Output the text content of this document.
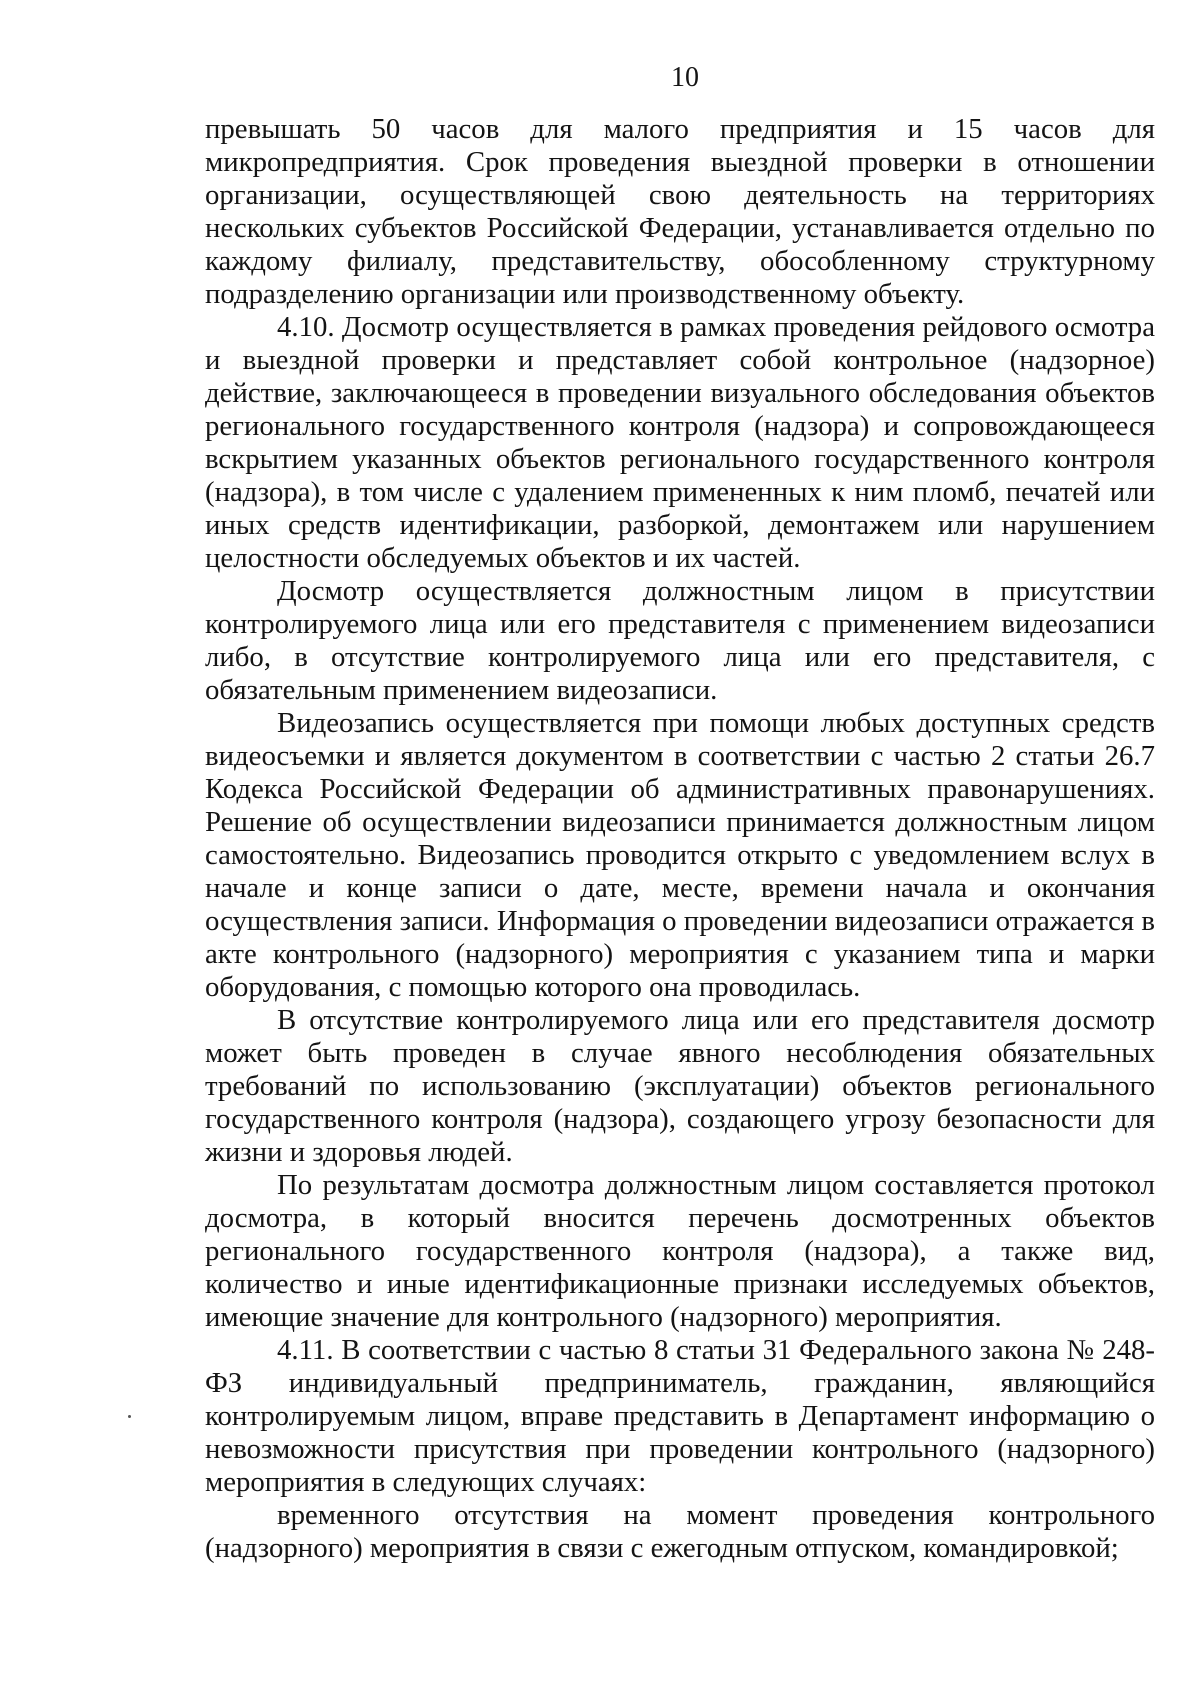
10

превышать 50 часов для малого предприятия и 15 часов для микропредприятия. Срок проведения выездной проверки в отношении организации, осуществляющей свою деятельность на территориях нескольких субъектов Российской Федерации, устанавливается отдельно по каждому филиалу, представительству, обособленному структурному подразделению организации или производственному объекту.

4.10. Досмотр осуществляется в рамках проведения рейдового осмотра и выездной проверки и представляет собой контрольное (надзорное) действие, заключающееся в проведении визуального обследования объектов регионального государственного контроля (надзора) и сопровождающееся вскрытием указанных объектов регионального государственного контроля (надзора), в том числе с удалением примененных к ним пломб, печатей или иных средств идентификации, разборкой, демонтажем или нарушением целостности обследуемых объектов и их частей.

Досмотр осуществляется должностным лицом в присутствии контролируемого лица или его представителя с применением видеозаписи либо, в отсутствие контролируемого лица или его представителя, с обязательным применением видеозаписи.

Видеозапись осуществляется при помощи любых доступных средств видеосъемки и является документом в соответствии с частью 2 статьи 26.7 Кодекса Российской Федерации об административных правонарушениях. Решение об осуществлении видеозаписи принимается должностным лицом самостоятельно. Видеозапись проводится открыто с уведомлением вслух в начале и конце записи о дате, месте, времени начала и окончания осуществления записи. Информация о проведении видеозаписи отражается в акте контрольного (надзорного) мероприятия с указанием типа и марки оборудования, с помощью которого она проводилась.

В отсутствие контролируемого лица или его представителя досмотр может быть проведен в случае явного несоблюдения обязательных требований по использованию (эксплуатации) объектов регионального государственного контроля (надзора), создающего угрозу безопасности для жизни и здоровья людей.

По результатам досмотра должностным лицом составляется протокол досмотра, в который вносится перечень досмотренных объектов регионального государственного контроля (надзора), а также вид, количество и иные идентификационные признаки исследуемых объектов, имеющие значение для контрольного (надзорного) мероприятия.

4.11. В соответствии с частью 8 статьи 31 Федерального закона № 248-ФЗ индивидуальный предприниматель, гражданин, являющийся контролируемым лицом, вправе представить в Департамент информацию о невозможности присутствия при проведении контрольного (надзорного) мероприятия в следующих случаях:

временного отсутствия на момент проведения контрольного (надзорного) мероприятия в связи с ежегодным отпуском, командировкой;
